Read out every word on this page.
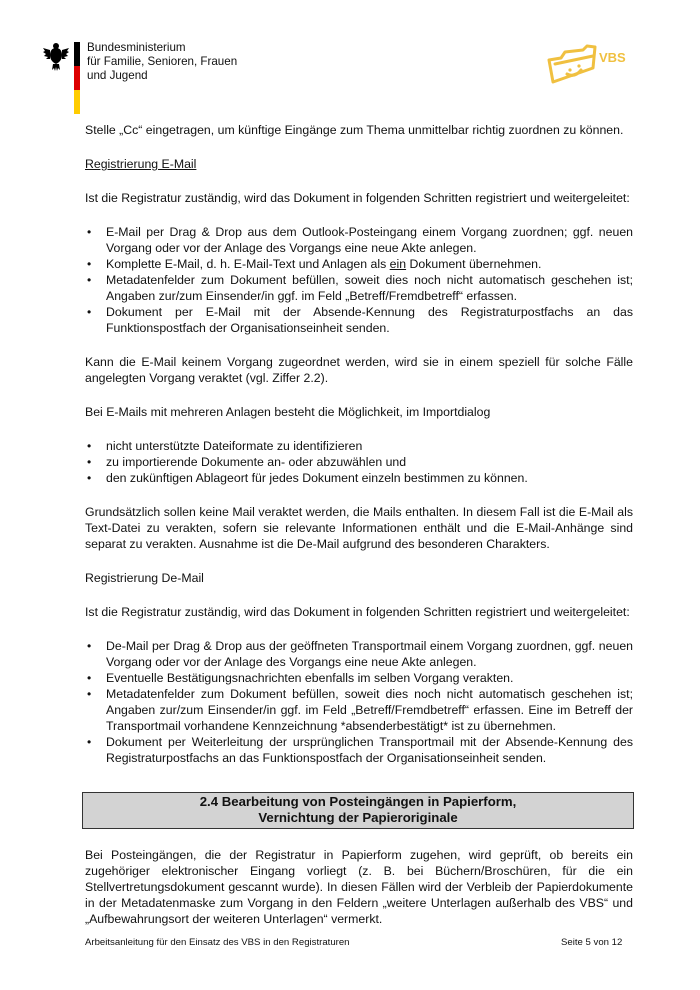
Bundesministerium
für Familie, Senioren, Frauen
und Jugend
VBS

Stelle „Cc“ eingetragen, um künftige Eingänge zum Thema unmittelbar richtig zuordnen zu können.

Registrierung E-Mail

Ist die Registratur zuständig, wird das Dokument in folgenden Schritten registriert und weitergeleitet:

• E-Mail per Drag & Drop aus dem Outlook-Posteingang einem Vorgang zuordnen; ggf. neuen Vorgang oder vor der Anlage des Vorgangs eine neue Akte anlegen.
• Komplette E-Mail, d. h. E-Mail-Text und Anlagen als ein Dokument übernehmen.
• Metadatenfelder zum Dokument befüllen, soweit dies noch nicht automatisch geschehen ist; Angaben zur/zum Einsender/in ggf. im Feld „Betreff/Fremdbetreff“ erfassen.
• Dokument per E-Mail mit der Absende-Kennung des Registraturpostfachs an das Funktionspostfach der Organisationseinheit senden.

Kann die E-Mail keinem Vorgang zugeordnet werden, wird sie in einem speziell für solche Fälle angelegten Vorgang veraktet (vgl. Ziffer 2.2).

Bei E-Mails mit mehreren Anlagen besteht die Möglichkeit, im Importdialog

• nicht unterstützte Dateiformate zu identifizieren
• zu importierende Dokumente an- oder abzuwählen und
• den zukünftigen Ablageort für jedes Dokument einzeln bestimmen zu können.

Grundsätzlich sollen keine Mail veraktet werden, die Mails enthalten. In diesem Fall ist die E-Mail als Text-Datei zu verakten, sofern sie relevante Informationen enthält und die E-Mail-Anhänge sind separat zu verakten. Ausnahme ist die De-Mail aufgrund des besonderen Charakters.

Registrierung De-Mail

Ist die Registratur zuständig, wird das Dokument in folgenden Schritten registriert und weitergeleitet:

• De-Mail per Drag & Drop aus der geöffneten Transportmail einem Vorgang zuordnen, ggf. neuen Vorgang oder vor der Anlage des Vorgangs eine neue Akte anlegen.
• Eventuelle Bestätigungsnachrichten ebenfalls im selben Vorgang verakten.
• Metadatenfelder zum Dokument befüllen, soweit dies noch nicht automatisch geschehen ist; Angaben zur/zum Einsender/in ggf. im Feld „Betreff/Fremdbetreff“ erfassen. Eine im Betreff der Transportmail vorhandene Kennzeichnung *absenderbestätigt* ist zu übernehmen.
• Dokument per Weiterleitung der ursprünglichen Transportmail mit der Absende-Kennung des Registraturpostfachs an das Funktionspostfach der Organisationseinheit senden.
2.4 Bearbeitung von Posteingängen in Papierform,
Vernichtung der Papieroriginale

Bei Posteingängen, die der Registratur in Papierform zugehen, wird geprüft, ob bereits ein zugehöriger elektronischer Eingang vorliegt (z. B. bei Büchern/Broschüren, für die ein Stellvertretungsdokument gescannt wurde). In diesen Fällen wird der Verbleib der Papierdokumente in der Metadatenmaske zum Vorgang in den Feldern „weitere Unterlagen außerhalb des VBS“ und „Aufbewahrungsort der weiteren Unterlagen“ vermerkt.

Arbeitsanleitung für den Einsatz des VBS in den Registraturen	Seite 5 von 12
